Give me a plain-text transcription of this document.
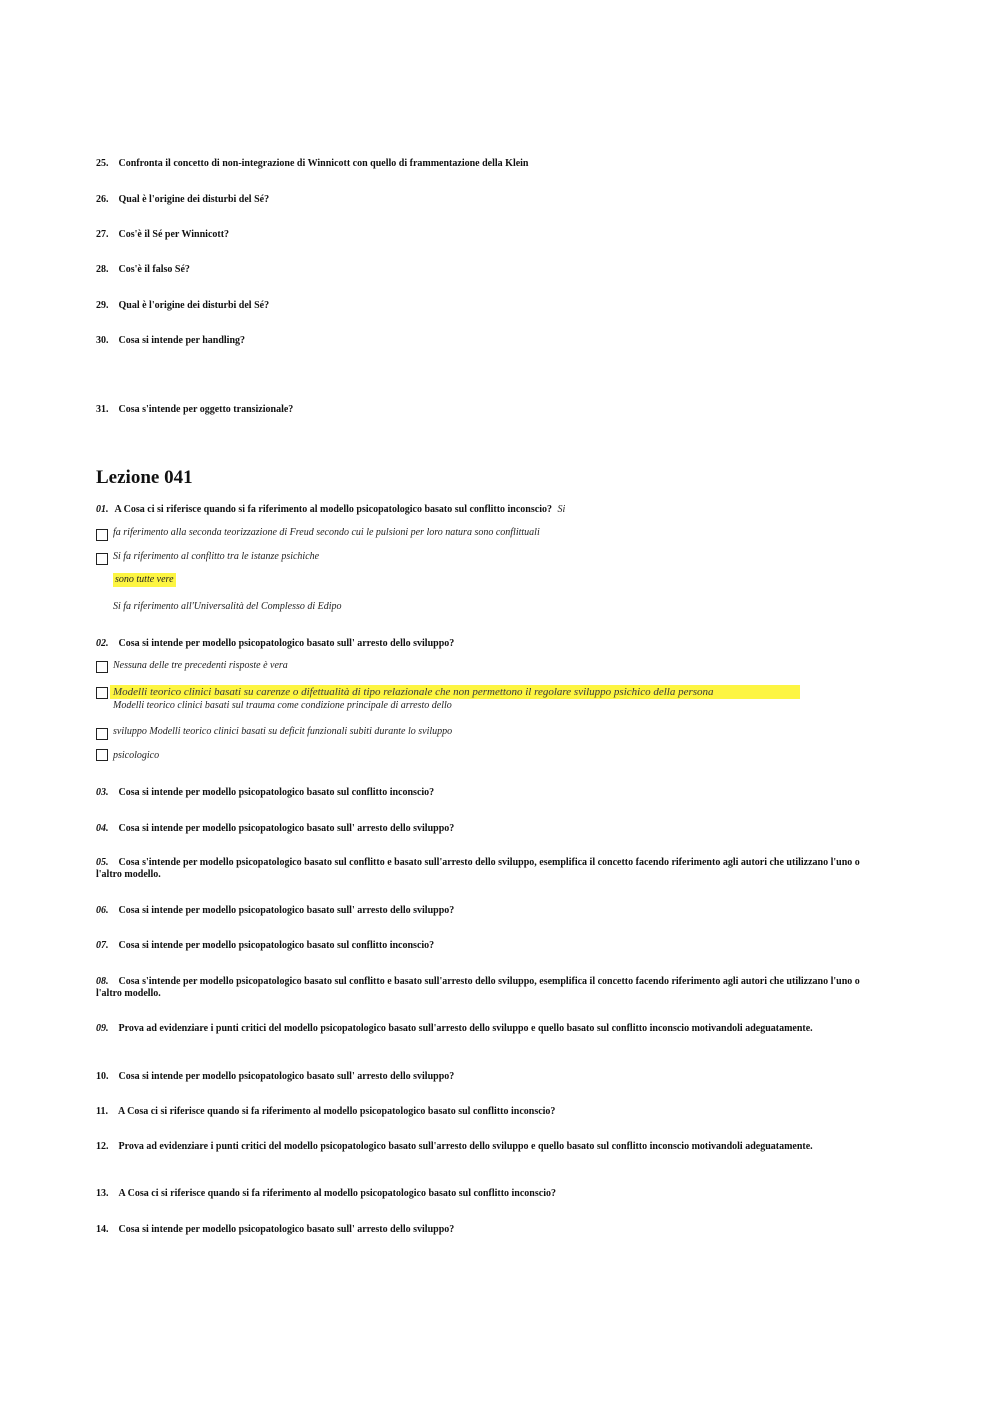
25. Confronta il concetto di non-integrazione di Winnicott con quello di frammentazione della Klein
26. Qual è l'origine dei disturbi del Sé?
27. Cos'è il Sé per Winnicott?
28. Cos'è il falso Sé?
29. Qual è l'origine dei disturbi del Sé?
30. Cosa si intende per handling?
31. Cosa s'intende per oggetto transizionale?
Lezione 041
01. A Cosa ci si riferisce quando si fa riferimento al modello psicopatologico basato sul conflitto inconscio? Si
fa riferimento alla seconda teorizzazione di Freud secondo cui le pulsioni per loro natura sono conflittuali
Si fa riferimento al conflitto tra le istanze psichiche
sono tutte vere
Si fa riferimento all'Universalità del Complesso di Edipo
02. Cosa si intende per modello psicopatologico basato sull' arresto dello sviluppo?
Nessuna delle tre precedenti risposte è vera
Modelli teorico clinici basati su carenze o difettualità di tipo relazionale che non permettono il regolare sviluppo psichico della persona
Modelli teorico clinici basati sul trauma come condizione principale di arresto dello
sviluppo Modelli teorico clinici basati su deficit funzionali subiti durante lo sviluppo
psicologico
03. Cosa si intende per modello psicopatologico basato sul conflitto inconscio?
04. Cosa si intende per modello psicopatologico basato sull' arresto dello sviluppo?
05. Cosa s'intende per modello psicopatologico basato sul conflitto e basato sull'arresto dello sviluppo, esemplifica il concetto facendo riferimento agli autori che utilizzano l'uno o l'altro modello.
06. Cosa si intende per modello psicopatologico basato sull' arresto dello sviluppo?
07. Cosa si intende per modello psicopatologico basato sul conflitto inconscio?
08. Cosa s'intende per modello psicopatologico basato sul conflitto e basato sull'arresto dello sviluppo, esemplifica il concetto facendo riferimento agli autori che utilizzano l'uno o l'altro modello.
09. Prova ad evidenziare i punti critici del modello psicopatologico basato sull'arresto dello sviluppo e quello basato sul conflitto inconscio motivandoli adeguatamente.
10. Cosa si intende per modello psicopatologico basato sull' arresto dello sviluppo?
11. A Cosa ci si riferisce quando si fa riferimento al modello psicopatologico basato sul conflitto inconscio?
12. Prova ad evidenziare i punti critici del modello psicopatologico basato sull'arresto dello sviluppo e quello basato sul conflitto inconscio motivandoli adeguatamente.
13. A Cosa ci si riferisce quando si fa riferimento al modello psicopatologico basato sul conflitto inconscio?
14. Cosa si intende per modello psicopatologico basato sull' arresto dello sviluppo?
